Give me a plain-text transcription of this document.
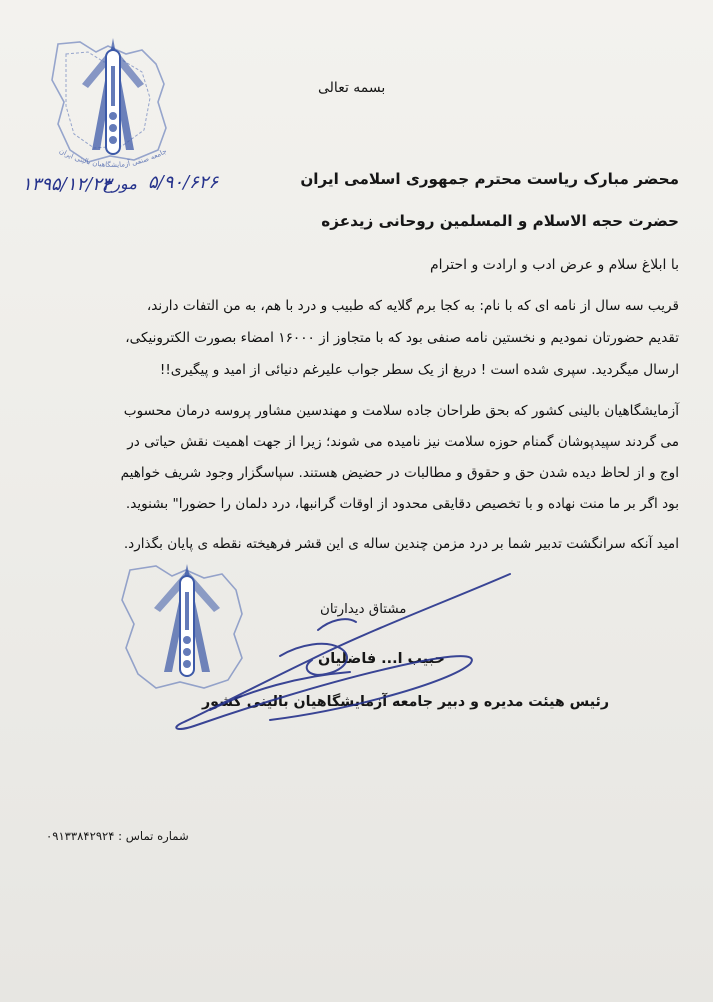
جامعه صنفی آزمایشگاهیان بالینی ایران
۵/۹۰/۶۲۶
مورخ
۱۳۹۵/۱۲/۲۳
بسمه تعالی
محضر مبارک ریاست محترم جمهوری اسلامی ایران
حضرت حجه الاسلام و المسلمین روحانی زیدعزه
با ابلاغ سلام و عرض ادب و ارادت و احترام
قریب سه سال از نامه ای که با نام: به کجا برم گلایه که طبیب و درد با هم، به من التفات دارند،
تقدیم حضورتان نمودیم و نخستین نامه صنفی بود که با متجاوز از ۱۶۰۰۰ امضاء بصورت الکترونیکی،
ارسال میگردید. سپری شده است ! دریغ از یک سطر جواب علیرغم دنیائی از امید و پیگیری!!
آزمایشگاهیان بالینی کشور که بحق طراحان جاده سلامت و مهندسین مشاور پروسه درمان محسوب
می گردند سپیدپوشان گمنام حوزه سلامت نیز نامیده می شوند؛ زیرا از جهت اهمیت نقش حیاتی در
اوج و از لحاظ دیده شدن حق و حقوق و مطالبات در حضیض هستند. سپاسگزار وجود شریف خواهیم
بود اگر بر ما منت نهاده و با تخصیص دقایقی محدود از اوقات گرانبها، درد دلمان را حضورا" بشنوید.
امید آنکه سرانگشت تدبیر شما بر درد مزمن چندین ساله ی این قشر فرهیخته نقطه ی پایان بگذارد.
مشتاق دیدارتان
حبیب ا... فاضلیان
رئیس هیئت مدیره و دبیر جامعه آزمایشگاهیان بالینی کشور
شماره تماس : ۰۹۱۳۳۸۴۲۹۲۴
